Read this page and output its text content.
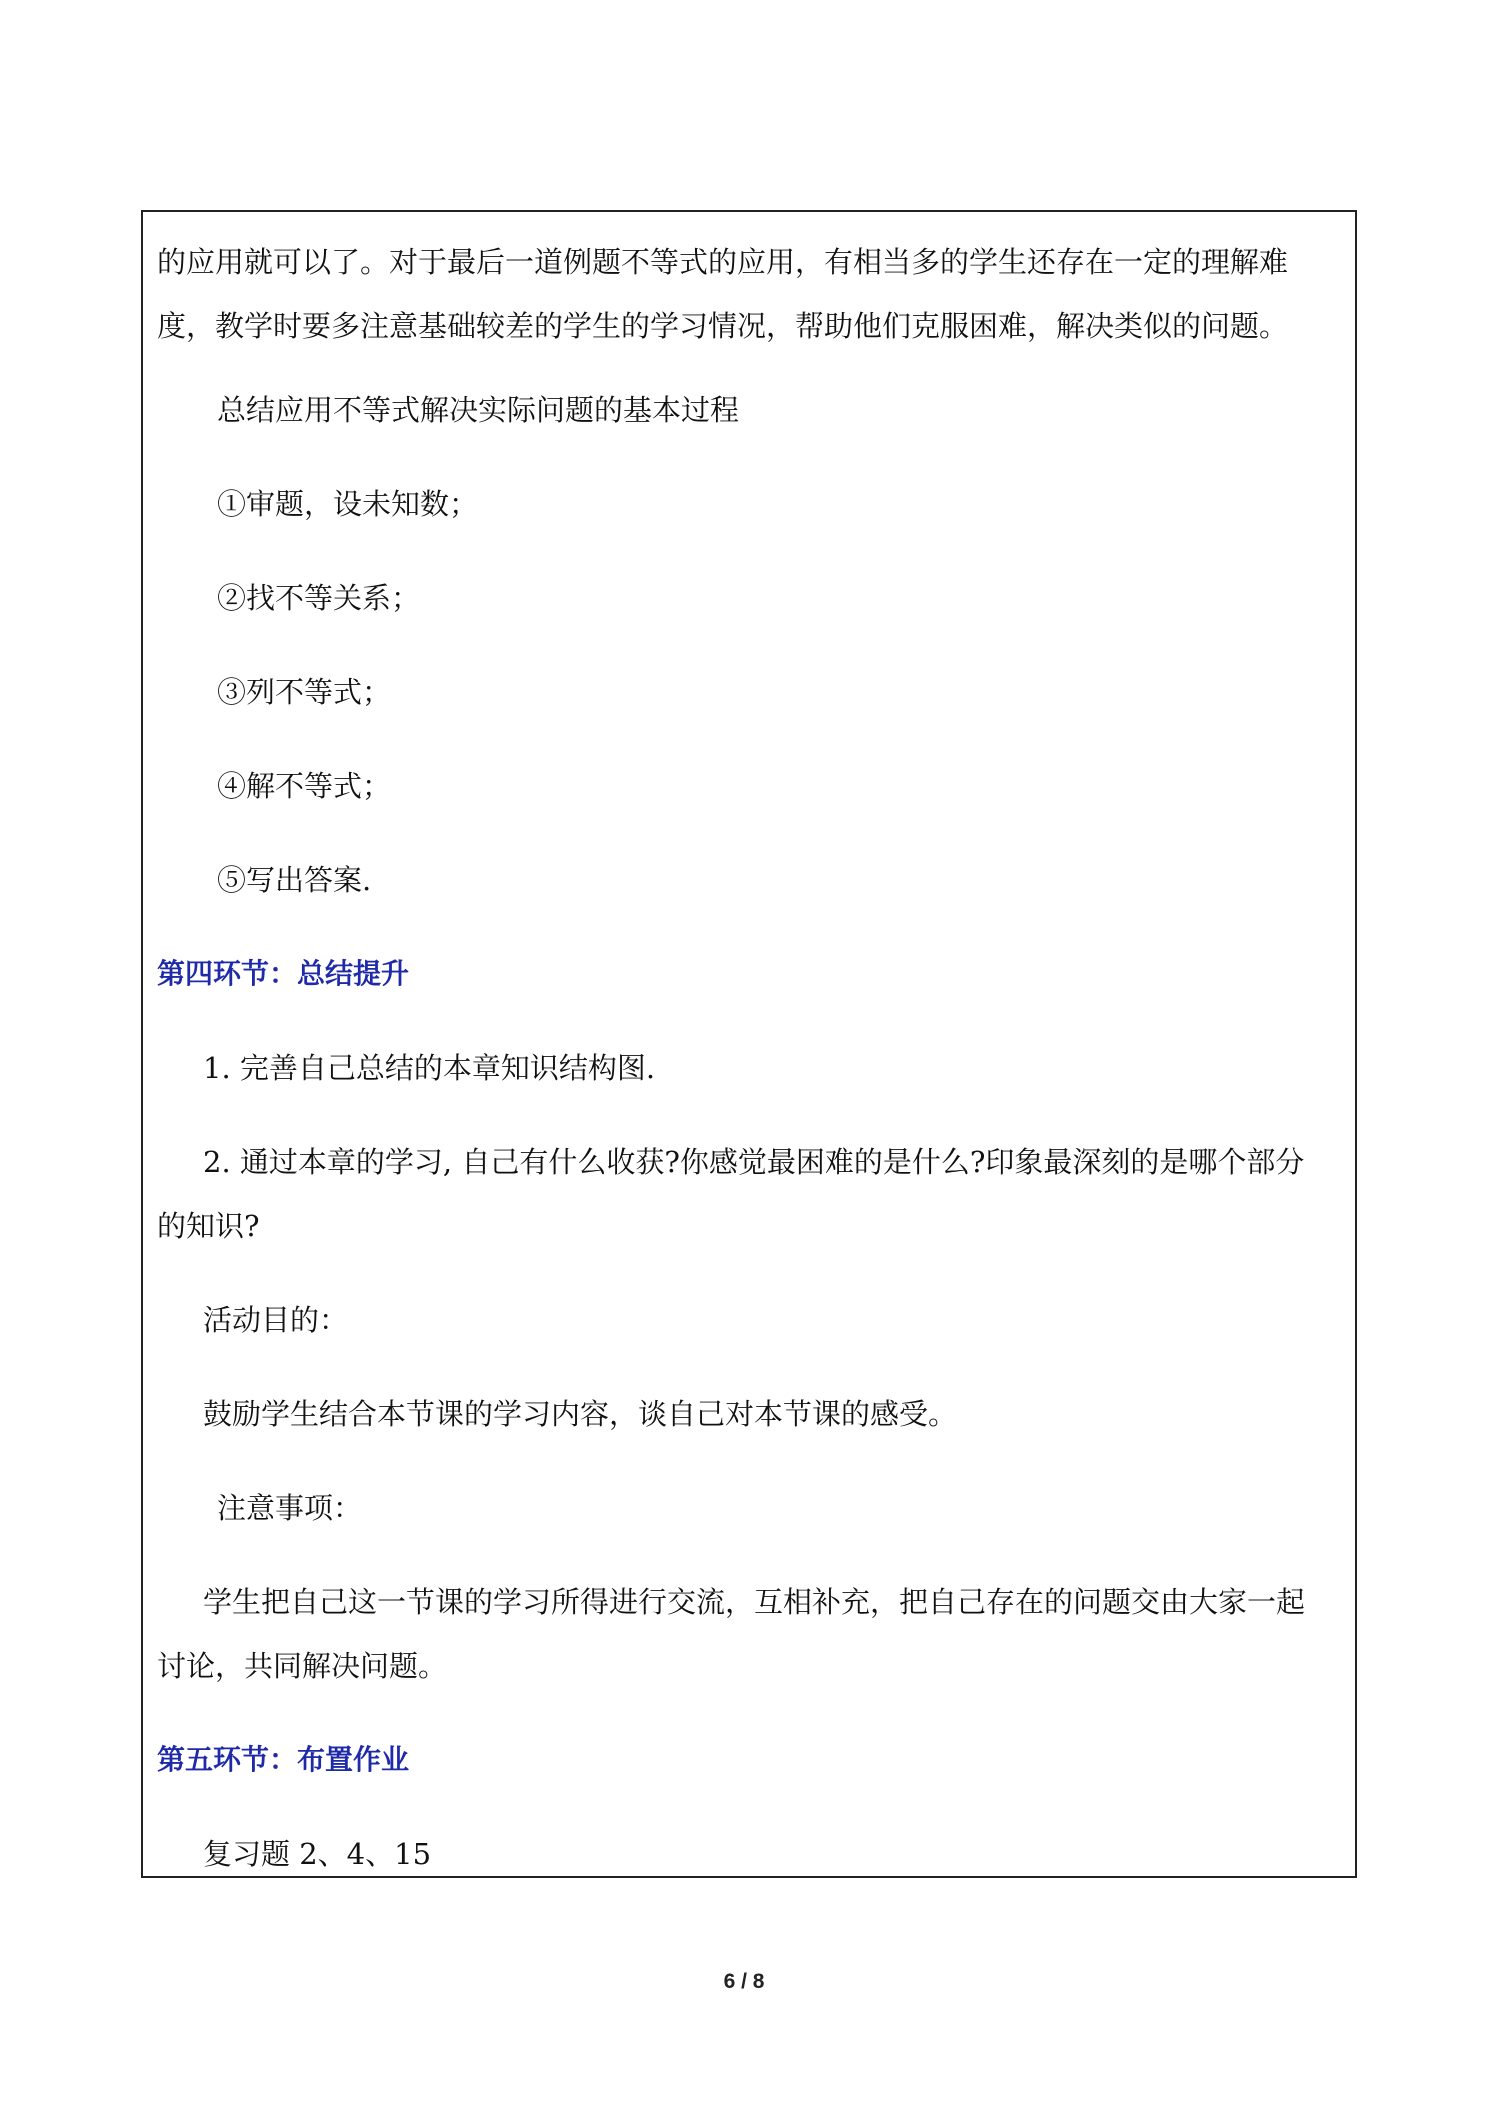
的应用就可以了。对于最后一道例题不等式的应用，有相当多的学生还存在一定的理解难

度，教学时要多注意基础较差的学生的学习情况，帮助他们克服困难，解决类似的问题。

总结应用不等式解决实际问题的基本过程

①审题，设未知数；

②找不等关系；

③列不等式；

④解不等式；

⑤写出答案.

第四环节：总结提升

1. 完善自己总结的本章知识结构图.

2. 通过本章的学习, 自己有什么收获?你感觉最困难的是什么?印象最深刻的是哪个部分

的知识?

活动目的：

鼓励学生结合本节课的学习内容，谈自己对本节课的感受。

注意事项：

学生把自己这一节课的学习所得进行交流，互相补充，把自己存在的问题交由大家一起

讨论，共同解决问题。

第五环节：布置作业

复习题 2、4、15

6 / 8
